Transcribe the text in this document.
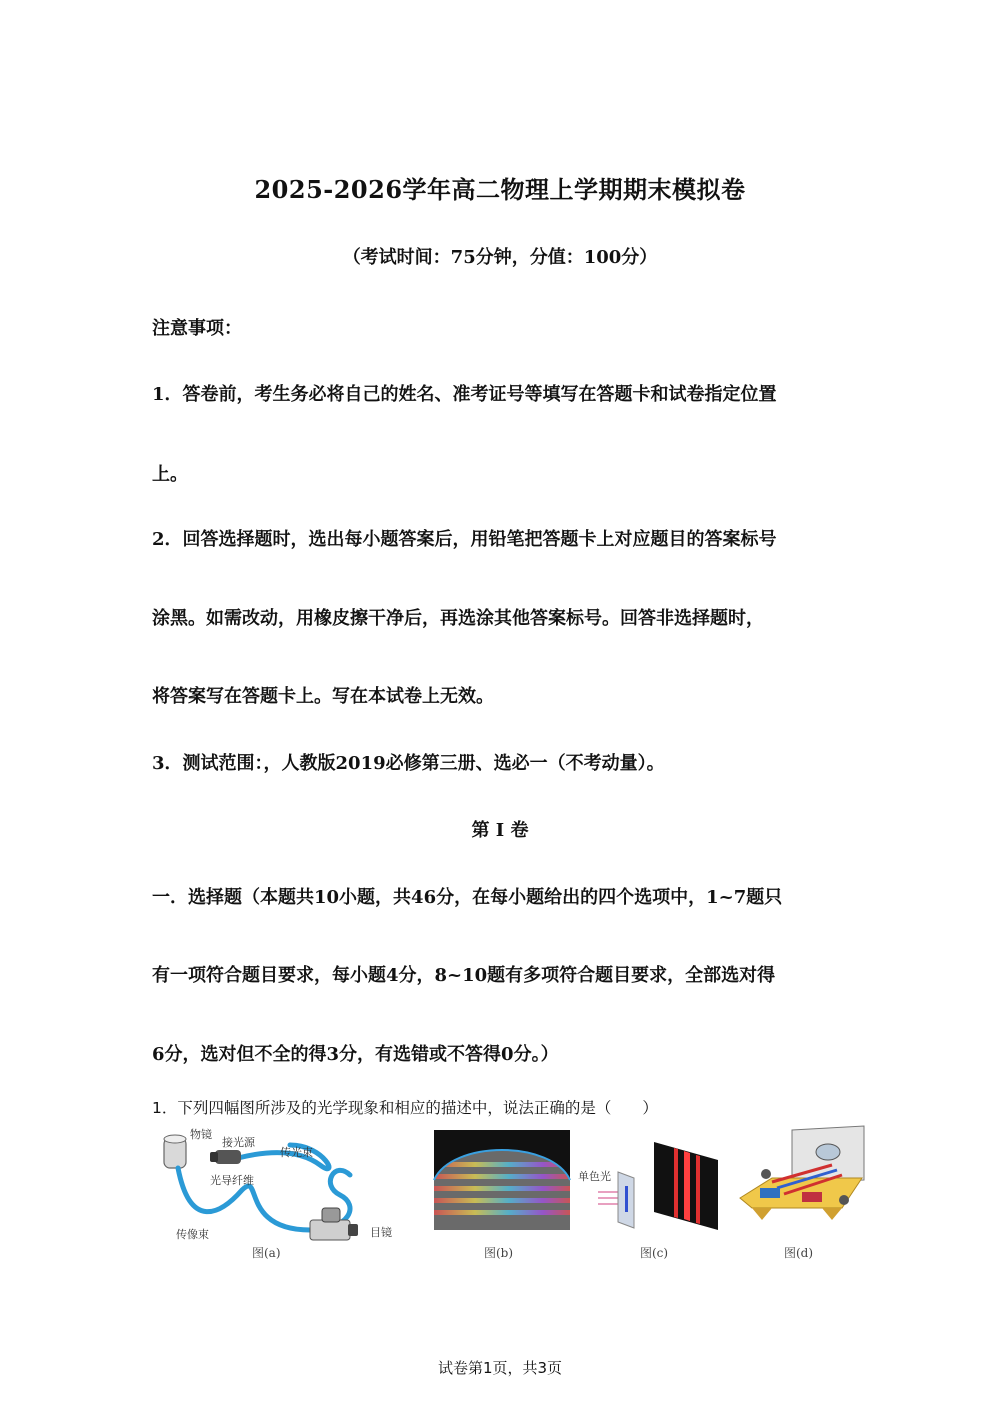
2025-2026学年高二物理上学期期末模拟卷
（考试时间：75分钟，分值：100分）
注意事项：
1．答卷前，考生务必将自己的姓名、准考证号等填写在答题卡和试卷指定位置
上。
2．回答选择题时，选出每小题答案后，用铅笔把答题卡上对应题目的答案标号
涂黑。如需改动，用橡皮擦干净后，再选涂其他答案标号。回答非选择题时，
将答案写在答题卡上。写在本试卷上无效。
3．测试范围：，人教版2019必修第三册、选必一（不考动量）。
第 I 卷
一．选择题（本题共10小题，共46分，在每小题给出的四个选项中，1~7题只
有一项符合题目要求，每小题4分，8~10题有多项符合题目要求，全部选对得
6分，选对但不全的得3分，有选错或不答得0分。）
1．下列四幅图所涉及的光学现象和相应的描述中，说法正确的是（　　）
物镜
接光源
传光束
光导纤维
传像束	目镜
图(a)	图(b)
单色光
图(c)	图(d)
试卷第1页，共3页
